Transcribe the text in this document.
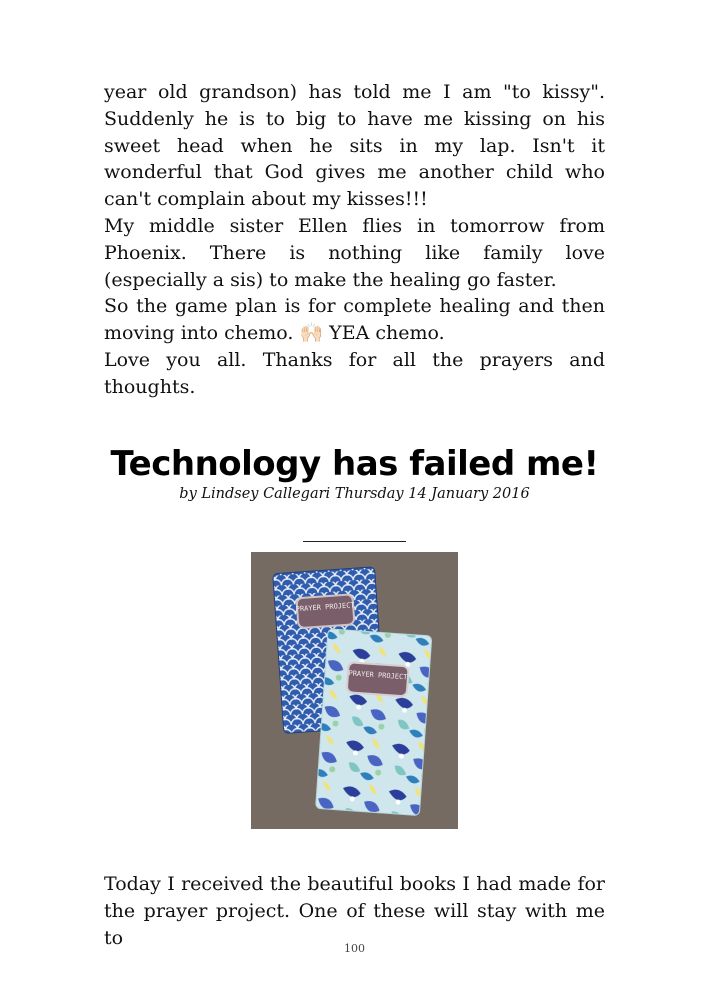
year old grandson) has told me I am "to kissy". Suddenly he is to big to have me kissing on his sweet head when he sits in my lap. Isn't it wonderful that God gives me another child who can't complain about my kisses!!!

My middle sister Ellen flies in tomorrow from Phoenix. There is nothing like family love (especially a sis) to make the healing go faster.

So the game plan is for complete healing and then moving into chemo. 🙌🏻 YEA chemo.

Love you all. Thanks for all the prayers and thoughts.

Technology has failed me!
by Lindsey Callegari Thursday 14 January 2016
PRAYER PROJECT
PRAYER PROJECT

Today I received the beautiful books I had made for the prayer project. One of these will stay with me to	100
